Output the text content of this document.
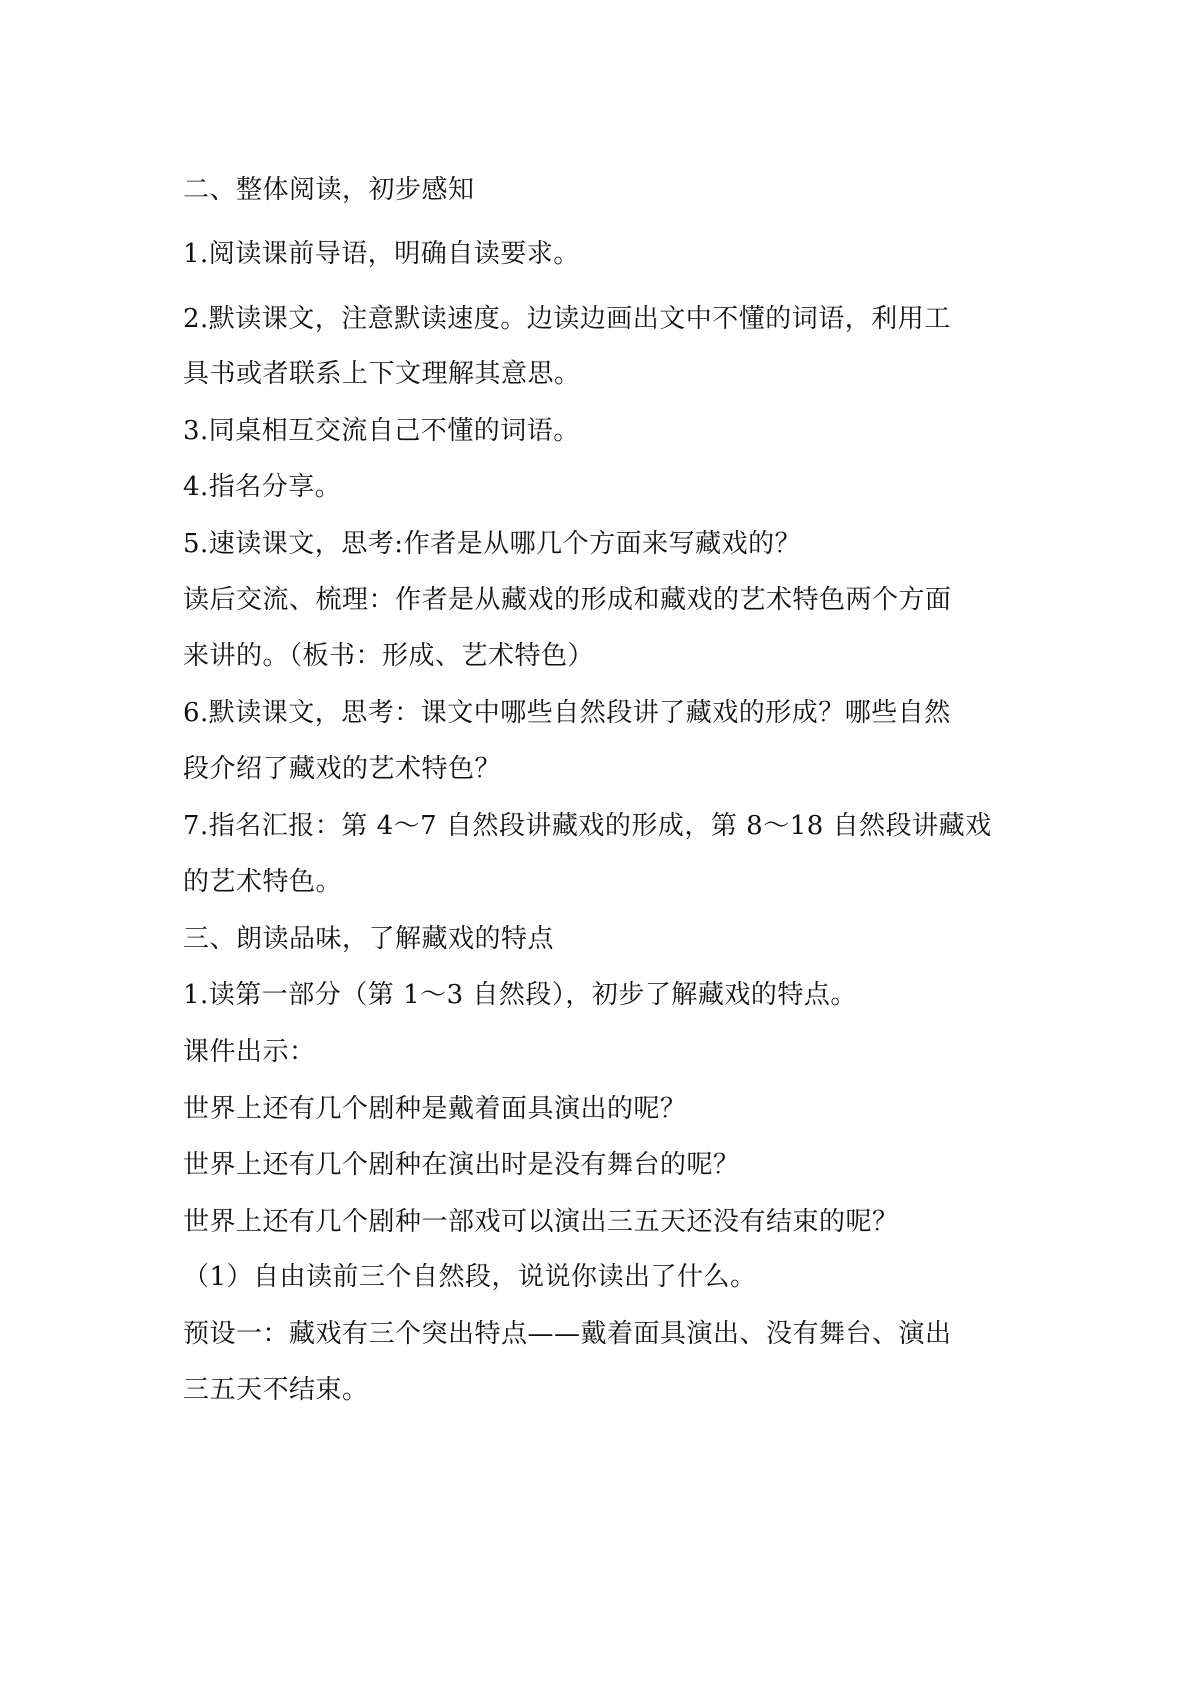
二、整体阅读，初步感知
1.阅读课前导语，明确自读要求。
2.默读课文，注意默读速度。边读边画出文中不懂的词语，利用工
具书或者联系上下文理解其意思。
3.同桌相互交流自己不懂的词语。
4.指名分享。
5.速读课文，思考:作者是从哪几个方面来写藏戏的？
读后交流、梳理：作者是从藏戏的形成和藏戏的艺术特色两个方面
来讲的。（板书：形成、艺术特色）
6.默读课文，思考：课文中哪些自然段讲了藏戏的形成？哪些自然
段介绍了藏戏的艺术特色？
7.指名汇报：第 4～7 自然段讲藏戏的形成，第 8～18 自然段讲藏戏
的艺术特色。
三、朗读品味，了解藏戏的特点
1.读第一部分（第 1～3 自然段），初步了解藏戏的特点。
课件出示：
世界上还有几个剧种是戴着面具演出的呢？
世界上还有几个剧种在演出时是没有舞台的呢？
世界上还有几个剧种一部戏可以演出三五天还没有结束的呢？
（1）自由读前三个自然段，说说你读出了什么。
预设一：藏戏有三个突出特点——戴着面具演出、没有舞台、演出
三五天不结束。
